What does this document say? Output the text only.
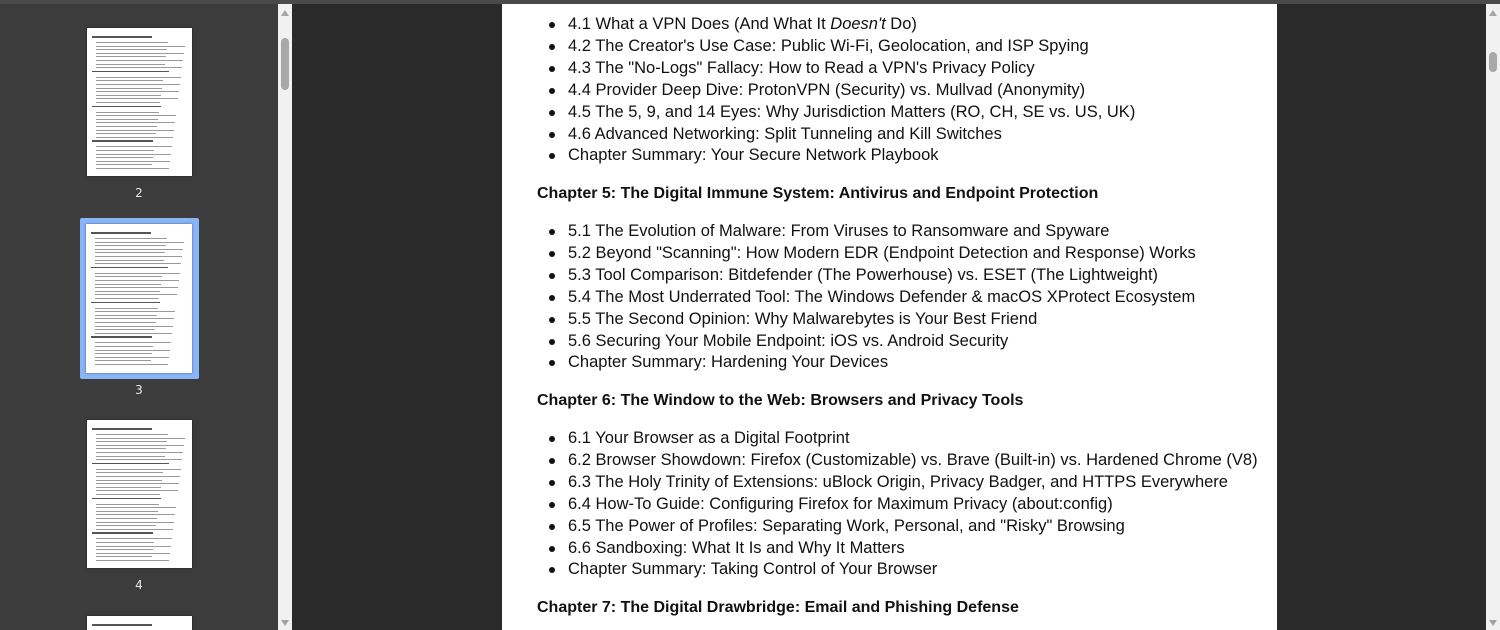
2
3
4
4.1 What a VPN Does (And What It Doesn't Do)
4.2 The Creator's Use Case: Public Wi-Fi, Geolocation, and ISP Spying
4.3 The "No-Logs" Fallacy: How to Read a VPN's Privacy Policy
4.4 Provider Deep Dive: ProtonVPN (Security) vs. Mullvad (Anonymity)
4.5 The 5, 9, and 14 Eyes: Why Jurisdiction Matters (RO, CH, SE vs. US, UK)
4.6 Advanced Networking: Split Tunneling and Kill Switches
Chapter Summary: Your Secure Network Playbook
Chapter 5: The Digital Immune System: Antivirus and Endpoint Protection
5.1 The Evolution of Malware: From Viruses to Ransomware and Spyware
5.2 Beyond "Scanning": How Modern EDR (Endpoint Detection and Response) Works
5.3 Tool Comparison: Bitdefender (The Powerhouse) vs. ESET (The Lightweight)
5.4 The Most Underrated Tool: The Windows Defender & macOS XProtect Ecosystem
5.5 The Second Opinion: Why Malwarebytes is Your Best Friend
5.6 Securing Your Mobile Endpoint: iOS vs. Android Security
Chapter Summary: Hardening Your Devices
Chapter 6: The Window to the Web: Browsers and Privacy Tools
6.1 Your Browser as a Digital Footprint
6.2 Browser Showdown: Firefox (Customizable) vs. Brave (Built-in) vs. Hardened Chrome (V8)
6.3 The Holy Trinity of Extensions: uBlock Origin, Privacy Badger, and HTTPS Everywhere
6.4 How-To Guide: Configuring Firefox for Maximum Privacy (about:config)
6.5 The Power of Profiles: Separating Work, Personal, and "Risky" Browsing
6.6 Sandboxing: What It Is and Why It Matters
Chapter Summary: Taking Control of Your Browser
Chapter 7: The Digital Drawbridge: Email and Phishing Defense
